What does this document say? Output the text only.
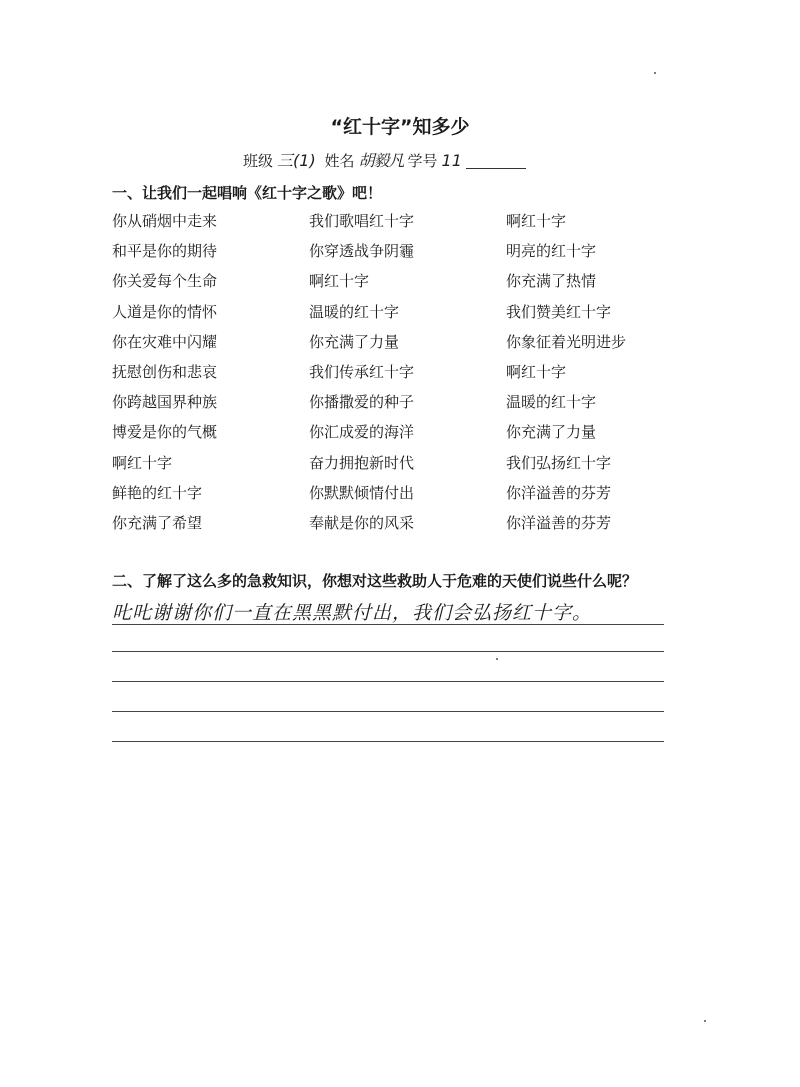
“红十字”知多少
班级 三(1) 姓名 胡毅凡 学号 11
一、让我们一起唱响《红十字之歌》吧！
你从硝烟中走来	我们歌唱红十字	啊红十字
和平是你的期待	你穿透战争阴霾	明亮的红十字
你关爱每个生命	啊红十字	你充满了热情
人道是你的情怀	温暖的红十字	我们赞美红十字
你在灾难中闪耀	你充满了力量	你象征着光明进步
抚慰创伤和悲哀	我们传承红十字	啊红十字
你跨越国界种族	你播撒爱的种子	温暖的红十字
博爱是你的气概	你汇成爱的海洋	你充满了力量
啊红十字	奋力拥抱新时代	我们弘扬红十字
鲜艳的红十字	你默默倾情付出	你洋溢善的芬芳
你充满了希望	奉献是你的风采	你洋溢善的芬芳
二、了解了这么多的急救知识，你想对这些救助人于危难的天使们说些什么呢？
𠮟𠮟谢谢你们一直在黑黑默付出，我们会弘扬红十字。
